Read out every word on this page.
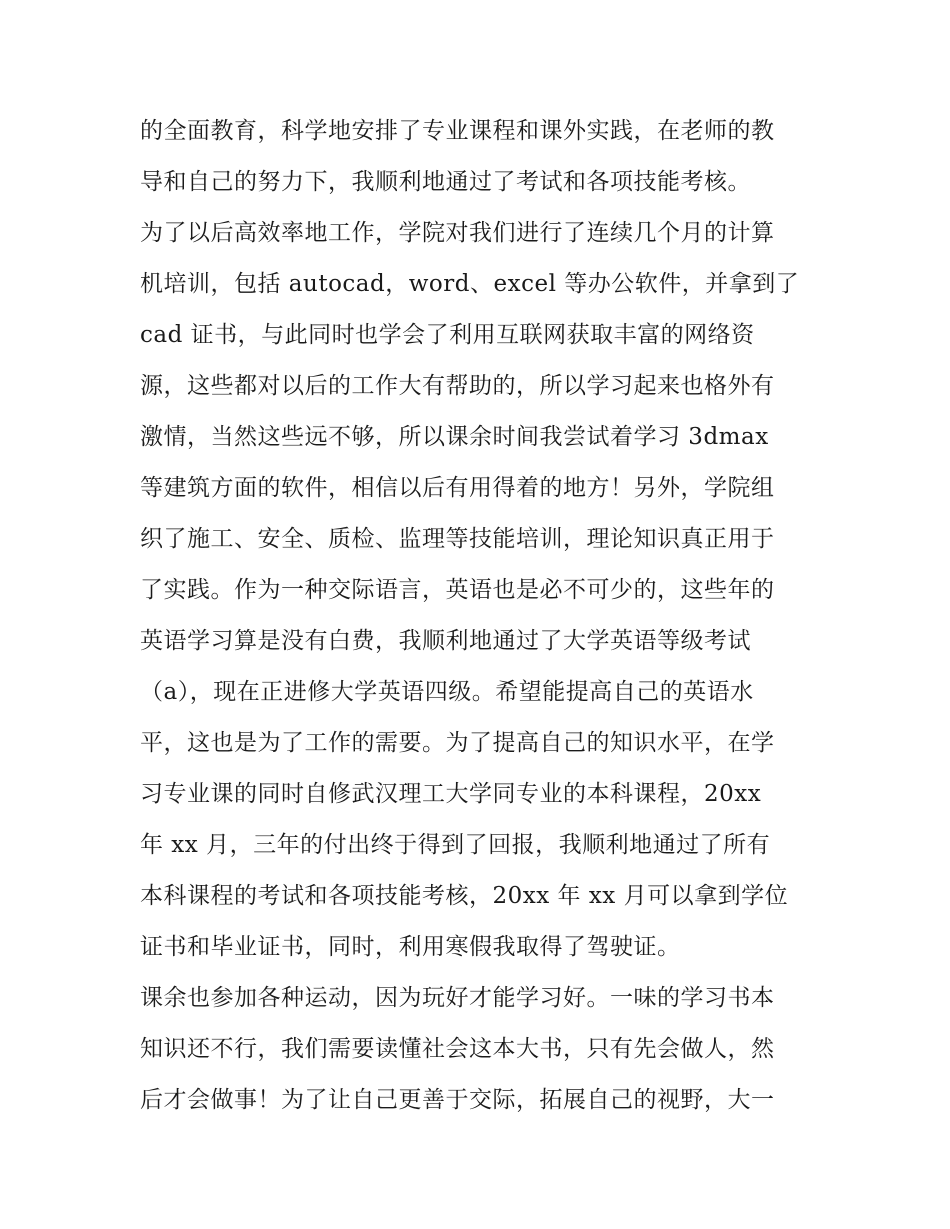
的全面教育，科学地安排了专业课程和课外实践，在老师的教
导和自己的努力下，我顺利地通过了考试和各项技能考核。
为了以后高效率地工作，学院对我们进行了连续几个月的计算
机培训，包括 autocad，word、excel 等办公软件，并拿到了
cad 证书，与此同时也学会了利用互联网获取丰富的网络资
源，这些都对以后的工作大有帮助的，所以学习起来也格外有
激情，当然这些远不够，所以课余时间我尝试着学习 3dmax
等建筑方面的软件，相信以后有用得着的地方！另外，学院组
织了施工、安全、质检、监理等技能培训，理论知识真正用于
了实践。作为一种交际语言，英语也是必不可少的，这些年的
英语学习算是没有白费，我顺利地通过了大学英语等级考试
（a），现在正进修大学英语四级。希望能提高自己的英语水
平，这也是为了工作的需要。为了提高自己的知识水平，在学
习专业课的同时自修武汉理工大学同专业的本科课程，20xx
年 xx 月，三年的付出终于得到了回报，我顺利地通过了所有
本科课程的考试和各项技能考核，20xx 年 xx 月可以拿到学位
证书和毕业证书，同时，利用寒假我取得了驾驶证。
课余也参加各种运动，因为玩好才能学习好。一味的学习书本
知识还不行，我们需要读懂社会这本大书，只有先会做人，然
后才会做事！为了让自己更善于交际，拓展自己的视野，大一
